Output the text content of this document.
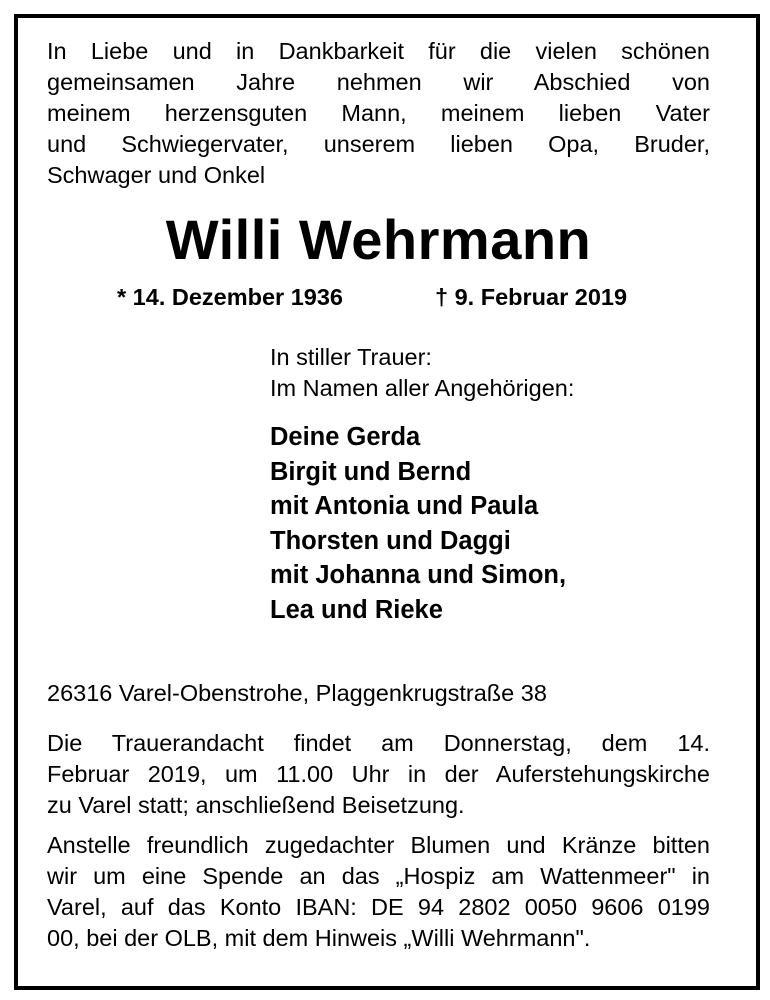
In Liebe und in Dankbarkeit für die vielen schönen
gemeinsamen Jahre nehmen wir Abschied von
meinem herzensguten Mann, meinem lieben Vater
und Schwiegervater, unserem lieben Opa, Bruder,
Schwager und Onkel
Willi Wehrmann
* 14. Dezember 1936	† 9. Februar 2019
In stiller Trauer:
Im Namen aller Angehörigen:
Deine Gerda
Birgit und Bernd
mit Antonia und Paula
Thorsten und Daggi
mit Johanna und Simon,
Lea und Rieke
26316 Varel-Obenstrohe, Plaggenkrugstraße 38
Die Trauerandacht findet am Donnerstag, dem 14.
Februar 2019, um 11.00 Uhr in der Auferstehungskirche
zu Varel statt; anschließend Beisetzung.
Anstelle freundlich zugedachter Blumen und Kränze bitten
wir um eine Spende an das „Hospiz am Wattenmeer" in
Varel, auf das Konto IBAN: DE 94 2802 0050 9606 0199
00, bei der OLB, mit dem Hinweis „Willi Wehrmann".
